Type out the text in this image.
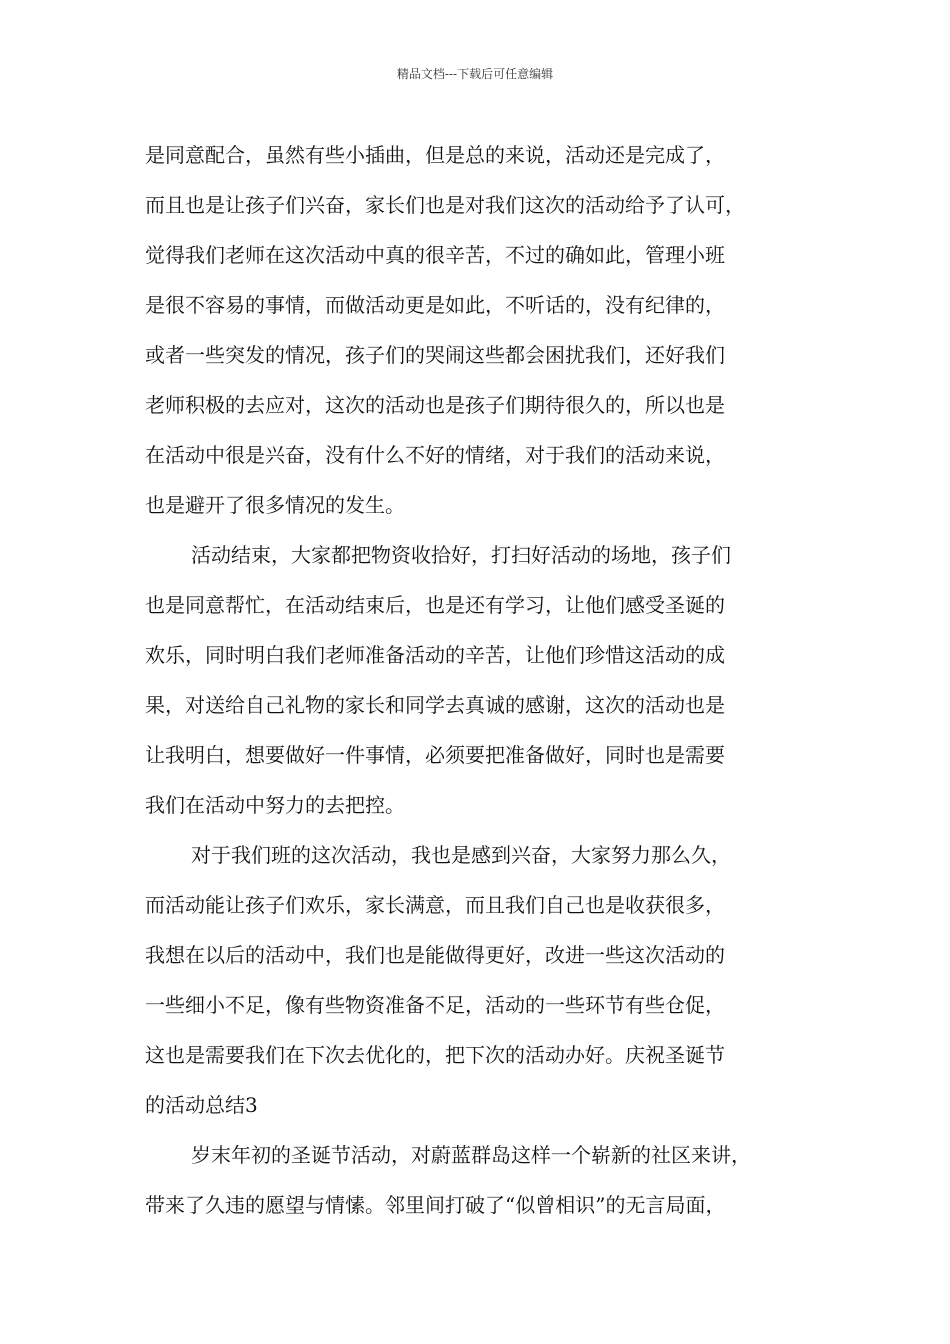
精品文档---下载后可任意编辑
是同意配合，虽然有些小插曲，但是总的来说，活动还是完成了，
而且也是让孩子们兴奋，家长们也是对我们这次的活动给予了认可，
觉得我们老师在这次活动中真的很辛苦，不过的确如此，管理小班
是很不容易的事情，而做活动更是如此，不听话的，没有纪律的，
或者一些突发的情况，孩子们的哭闹这些都会困扰我们，还好我们
老师积极的去应对，这次的活动也是孩子们期待很久的，所以也是
在活动中很是兴奋，没有什么不好的情绪，对于我们的活动来说，
也是避开了很多情况的发生。
活动结束，大家都把物资收拾好，打扫好活动的场地，孩子们
也是同意帮忙，在活动结束后，也是还有学习，让他们感受圣诞的
欢乐，同时明白我们老师准备活动的辛苦，让他们珍惜这活动的成
果，对送给自己礼物的家长和同学去真诚的感谢，这次的活动也是
让我明白，想要做好一件事情，必须要把准备做好，同时也是需要
我们在活动中努力的去把控。
对于我们班的这次活动，我也是感到兴奋，大家努力那么久，
而活动能让孩子们欢乐，家长满意，而且我们自己也是收获很多，
我想在以后的活动中，我们也是能做得更好，改进一些这次活动的
一些细小不足，像有些物资准备不足，活动的一些环节有些仓促，
这也是需要我们在下次去优化的，把下次的活动办好。庆祝圣诞节
的活动总结3
岁末年初的圣诞节活动，对蔚蓝群岛这样一个崭新的社区来讲，
带来了久违的愿望与情愫。邻里间打破了“似曾相识”的无言局面，
